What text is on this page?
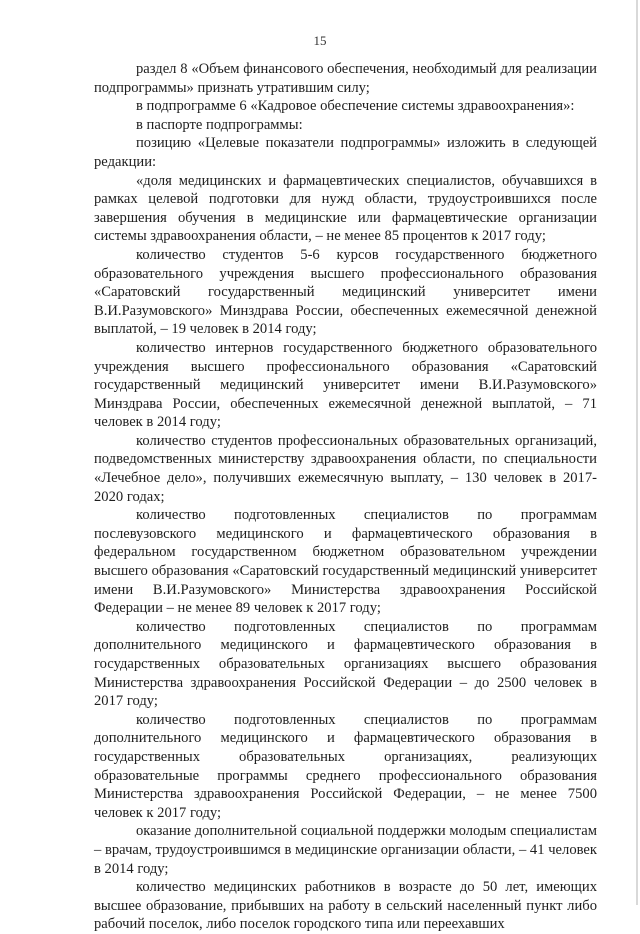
15

раздел 8 «Объем финансового обеспечения, необходимый для реализации подпрограммы» признать утратившим силу;

в подпрограмме 6 «Кадровое обеспечение системы здравоохранения»:

в паспорте подпрограммы:

позицию «Целевые показатели подпрограммы» изложить в следующей редакции:

«доля медицинских и фармацевтических специалистов, обучавшихся в рамках целевой подготовки для нужд области, трудоустроившихся после завершения обучения в медицинские или фармацевтические организации системы здравоохранения области, – не менее 85 процентов к 2017 году;

количество студентов 5-6 курсов государственного бюджетного образовательного учреждения высшего профессионального образования «Саратовский государственный медицинский университет имени В.И.Разумовского» Минздрава России, обеспеченных ежемесячной денежной выплатой, – 19 человек в 2014 году;

количество интернов государственного бюджетного образовательного учреждения высшего профессионального образования «Саратовский государственный медицинский университет имени В.И.Разумовского» Минздрава России, обеспеченных ежемесячной денежной выплатой, – 71 человек в 2014 году;

количество студентов профессиональных образовательных организаций, подведомственных министерству здравоохранения области, по специальности «Лечебное дело», получивших ежемесячную выплату, – 130 человек в 2017-2020 годах;

количество подготовленных специалистов по программам послевузовского медицинского и фармацевтического образования в федеральном государственном бюджетном образовательном учреждении высшего образования «Саратовский государственный медицинский университет имени В.И.Разумовского» Министерства здравоохранения Российской Федерации – не менее 89 человек к 2017 году;

количество подготовленных специалистов по программам дополнительного медицинского и фармацевтического образования в государственных образовательных организациях высшего образования Министерства здравоохранения Российской Федерации – до 2500 человек в 2017 году;

количество подготовленных специалистов по программам дополнительного медицинского и фармацевтического образования в государственных образовательных организациях, реализующих образовательные программы среднего профессионального образования Министерства здравоохранения Российской Федерации, – не менее 7500 человек к 2017 году;

оказание дополнительной социальной поддержки молодым специалистам – врачам, трудоустроившимся в медицинские организации области, – 41 человек в 2014 году;

количество медицинских работников в возрасте до 50 лет, имеющих высшее образование, прибывших на работу в сельский населенный пункт либо рабочий поселок, либо поселок городского типа или переехавших
